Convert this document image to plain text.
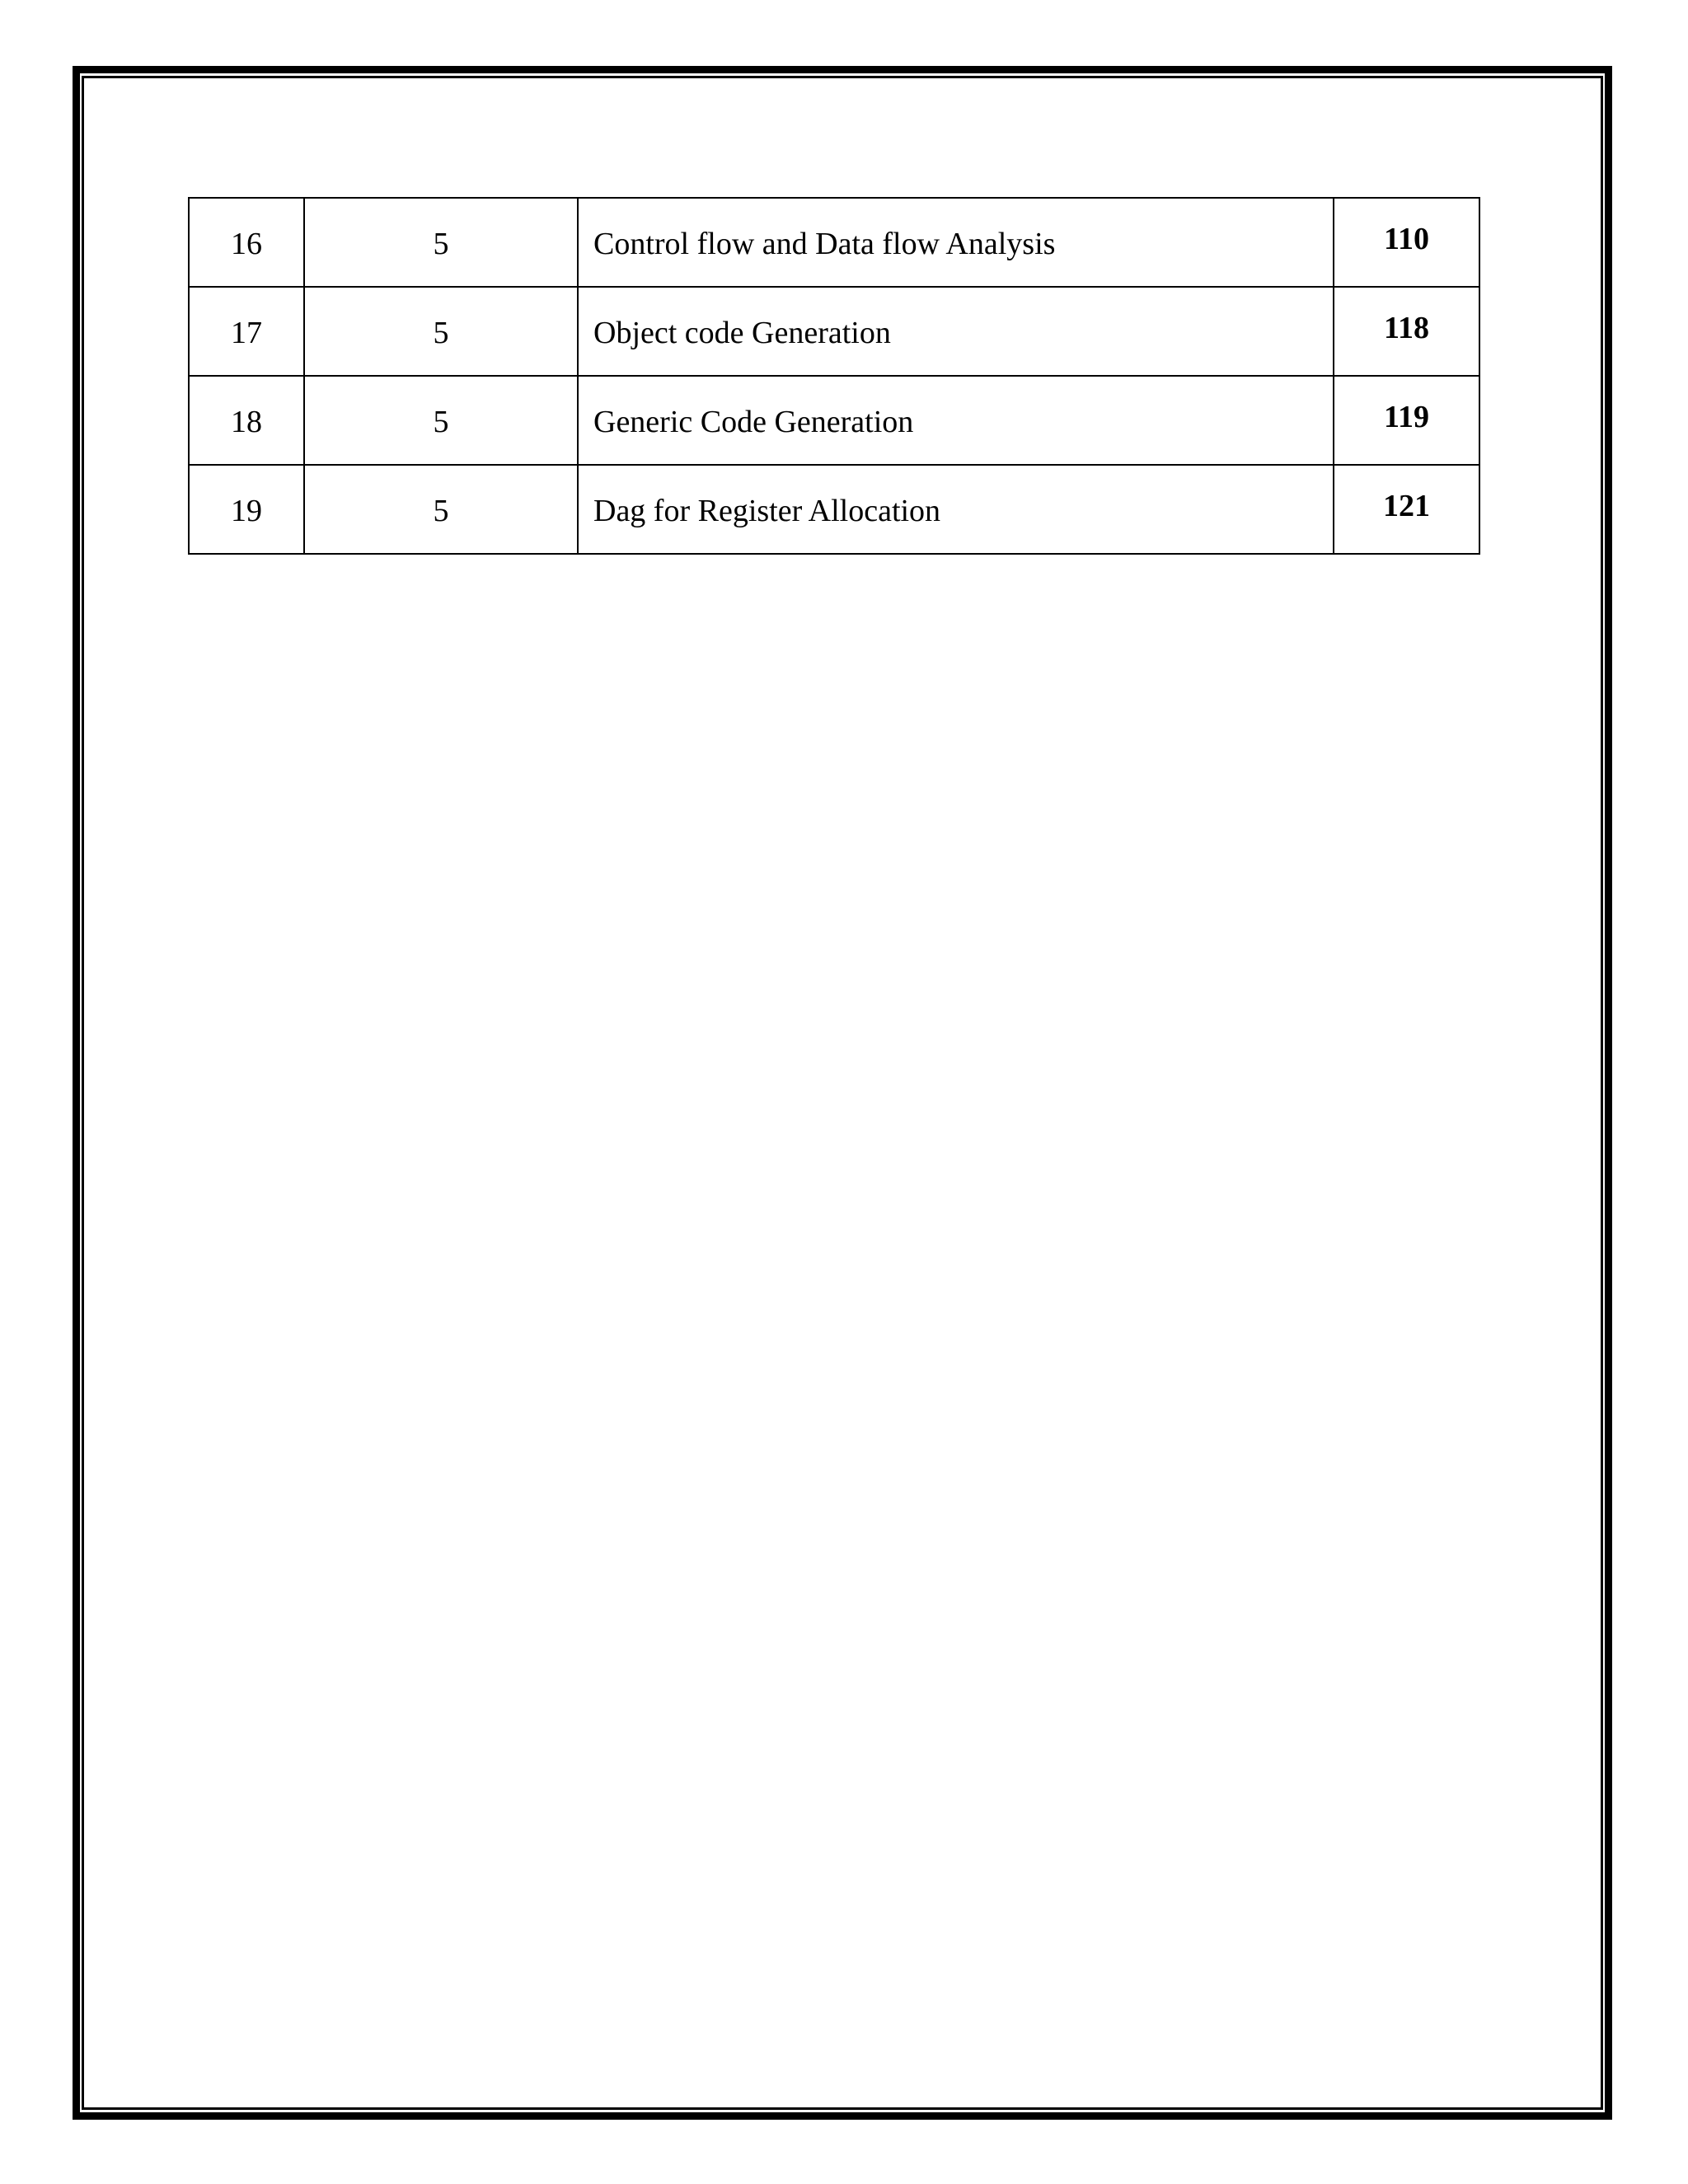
16	5	Control flow and Data flow Analysis	110
17	5	Object code Generation	118
18	5	Generic Code Generation	119
19	5	Dag for Register Allocation	121
